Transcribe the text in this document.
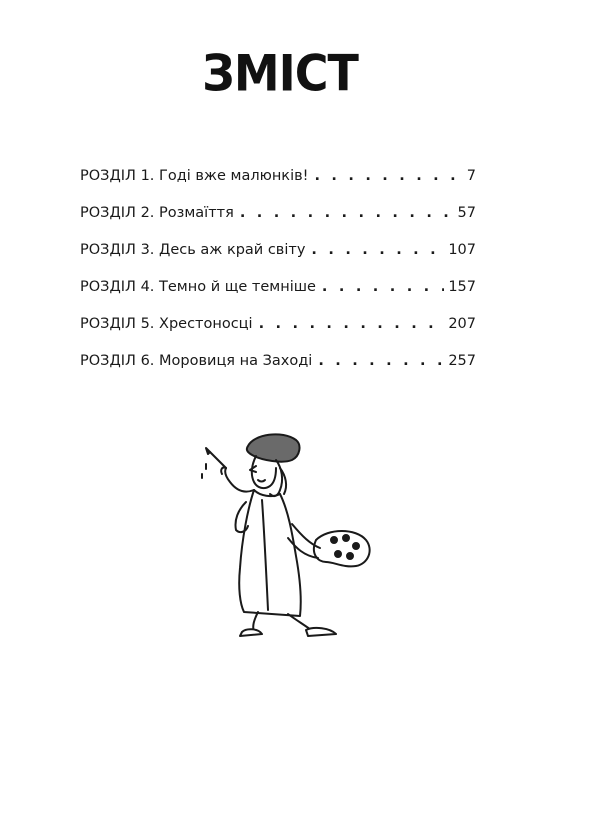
ЗМІСТ
РОЗДІЛ 1. Годі вже малюнків! . . .	7
РОЗДІЛ 2. Розмаїття . . .	57
РОЗДІЛ 3. Десь аж край світу . . .	107
РОЗДІЛ 4. Темно й ще темніше . . .	157
РОЗДІЛ 5. Хрестоносці . . .	207
РОЗДІЛ 6. Моровиця на Заході . . .	257
